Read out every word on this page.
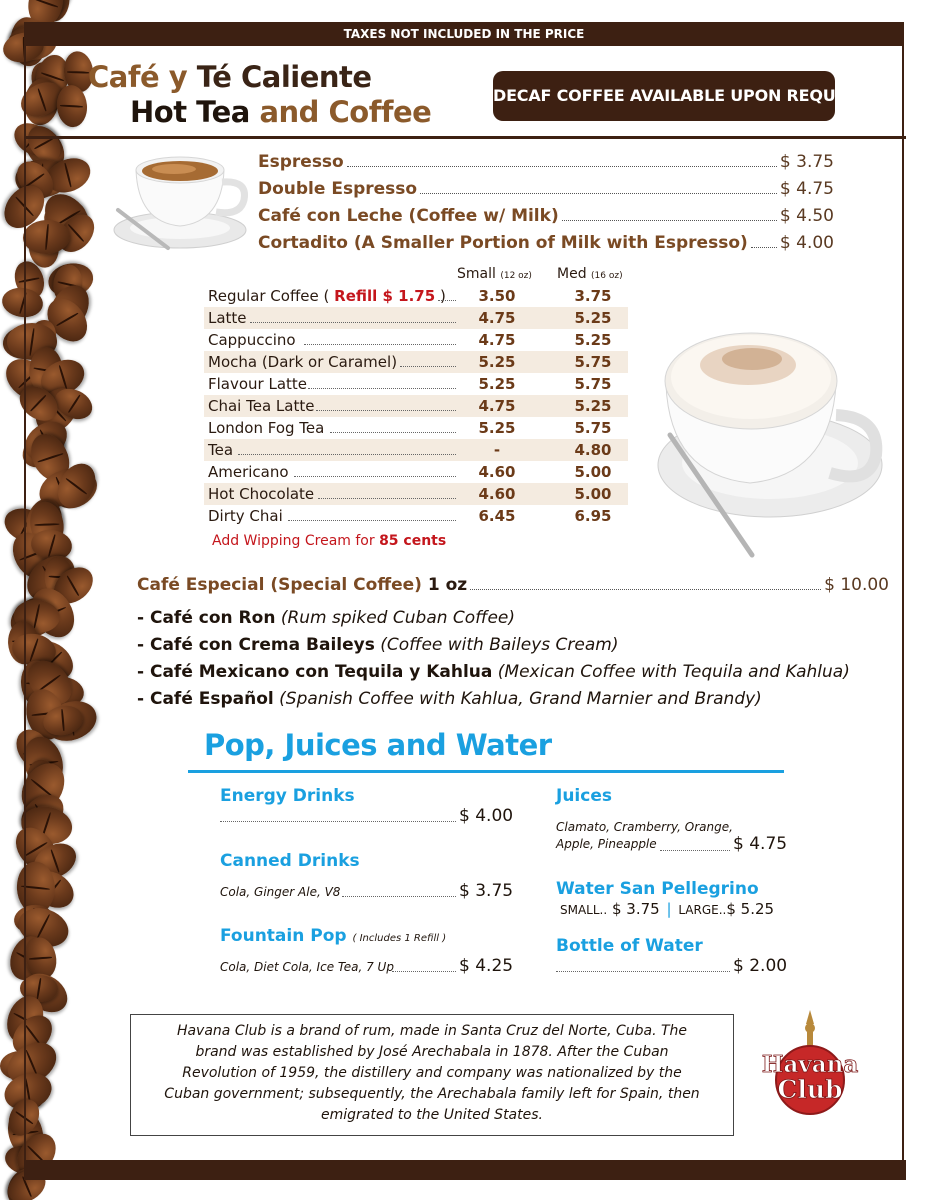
TAXES NOT INCLUDED IN THE PRICE
Café y Té Caliente
Hot Tea and Coffee	DECAF COFFEE AVAILABLE UPON REQUEST
Espresso	$ 3.75
Double Espresso	$ 4.75
Café con Leche (Coffee w/ Milk)	$ 4.50
Cortadito (A Smaller Portion of Milk with Espresso) $ 4.00
Small (12 oz) Med (16 oz)
Regular Coffee ( Refill $ 1.75 )	3.50	3.75
Latte	4.75	5.25
Cappuccino	4.75	5.25
Mocha (Dark or Caramel)	5.25	5.75
Flavour Latte	5.25	5.75
Chai Tea Latte	4.75	5.25
London Fog Tea	5.25	5.75
Tea	-	4.80
Americano	4.60	5.00
Hot Chocolate	4.60	5.00
Dirty Chai	6.45	6.95
Add Wipping Cream for 85 cents
Café Especial (Special Coffee) 1 oz	$ 10.00
- Café con Ron (Rum spiked Cuban Coffee)
- Café con Crema Baileys (Coffee with Baileys Cream)
- Café Mexicano con Tequila y Kahlua (Mexican Coffee with Tequila and Kahlua)
- Café Español (Spanish Coffee with Kahlua, Grand Marnier and Brandy)
Pop, Juices and Water
Energy Drinks
$ 4.00
Canned Drinks
Cola, Ginger Ale, V8	$ 3.75
Fountain Pop ( Includes 1 Refill )
Cola, Diet Cola, Ice Tea, 7 Up	$ 4.25
Juices
Clamato, Cramberry, Orange,
Apple, Pineapple	$ 4.75
Water San Pellegrino
SMALL.. $ 3.75 | LARGE..$ 5.25
Bottle of Water
$ 2.00
Havana Club is a brand of rum, made in Santa Cruz del Norte, Cuba. The brand was established by José Arechabala in 1878. After the Cuban Revolution of 1959, the distillery and company was nationalized by the Cuban government; subsequently, the Arechabala family left for Spain, then emigrated to the United States.
Havana
Club
